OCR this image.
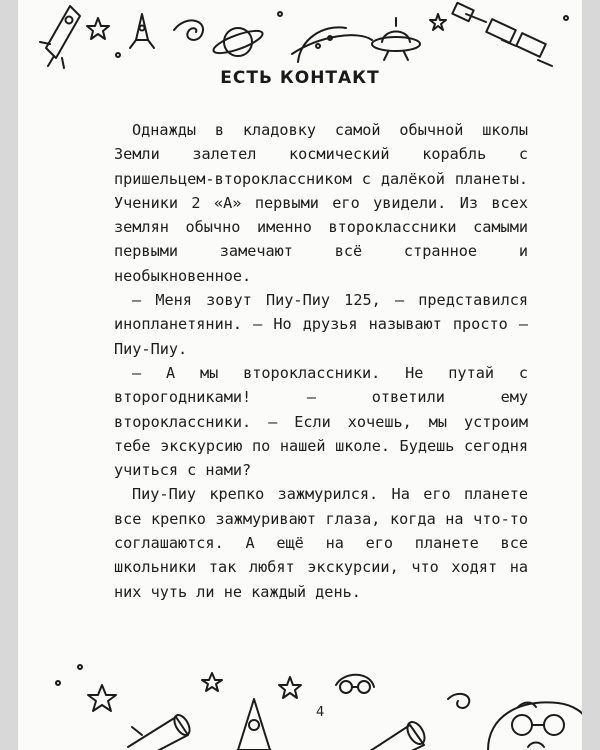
ЕСТЬ КОНТАКТ

Однажды в кладовку самой обычной школы Земли залетел космический корабль с пришельцем-второклассником с далёкой планеты. Ученики 2 «А» первыми его увидели. Из всех землян обычно именно второклассники самыми первыми замечают всё странное и необыкновенное.

— Меня зовут Пиу-Пиу 125, — представился инопланетянин. — Но друзья называют просто — Пиу-Пиу.

— А мы второклассники. Не путай с второгодниками! — ответили ему второклассники. — Если хочешь, мы устроим тебе экскурсию по нашей школе. Будешь сегодня учиться с нами?

Пиу-Пиу крепко зажмурился. На его планете все крепко зажмуривают глаза, когда на что-то соглашаются. А ещё на его планете все школьники так любят экскурсии, что ходят на них чуть ли не каждый день.

4
